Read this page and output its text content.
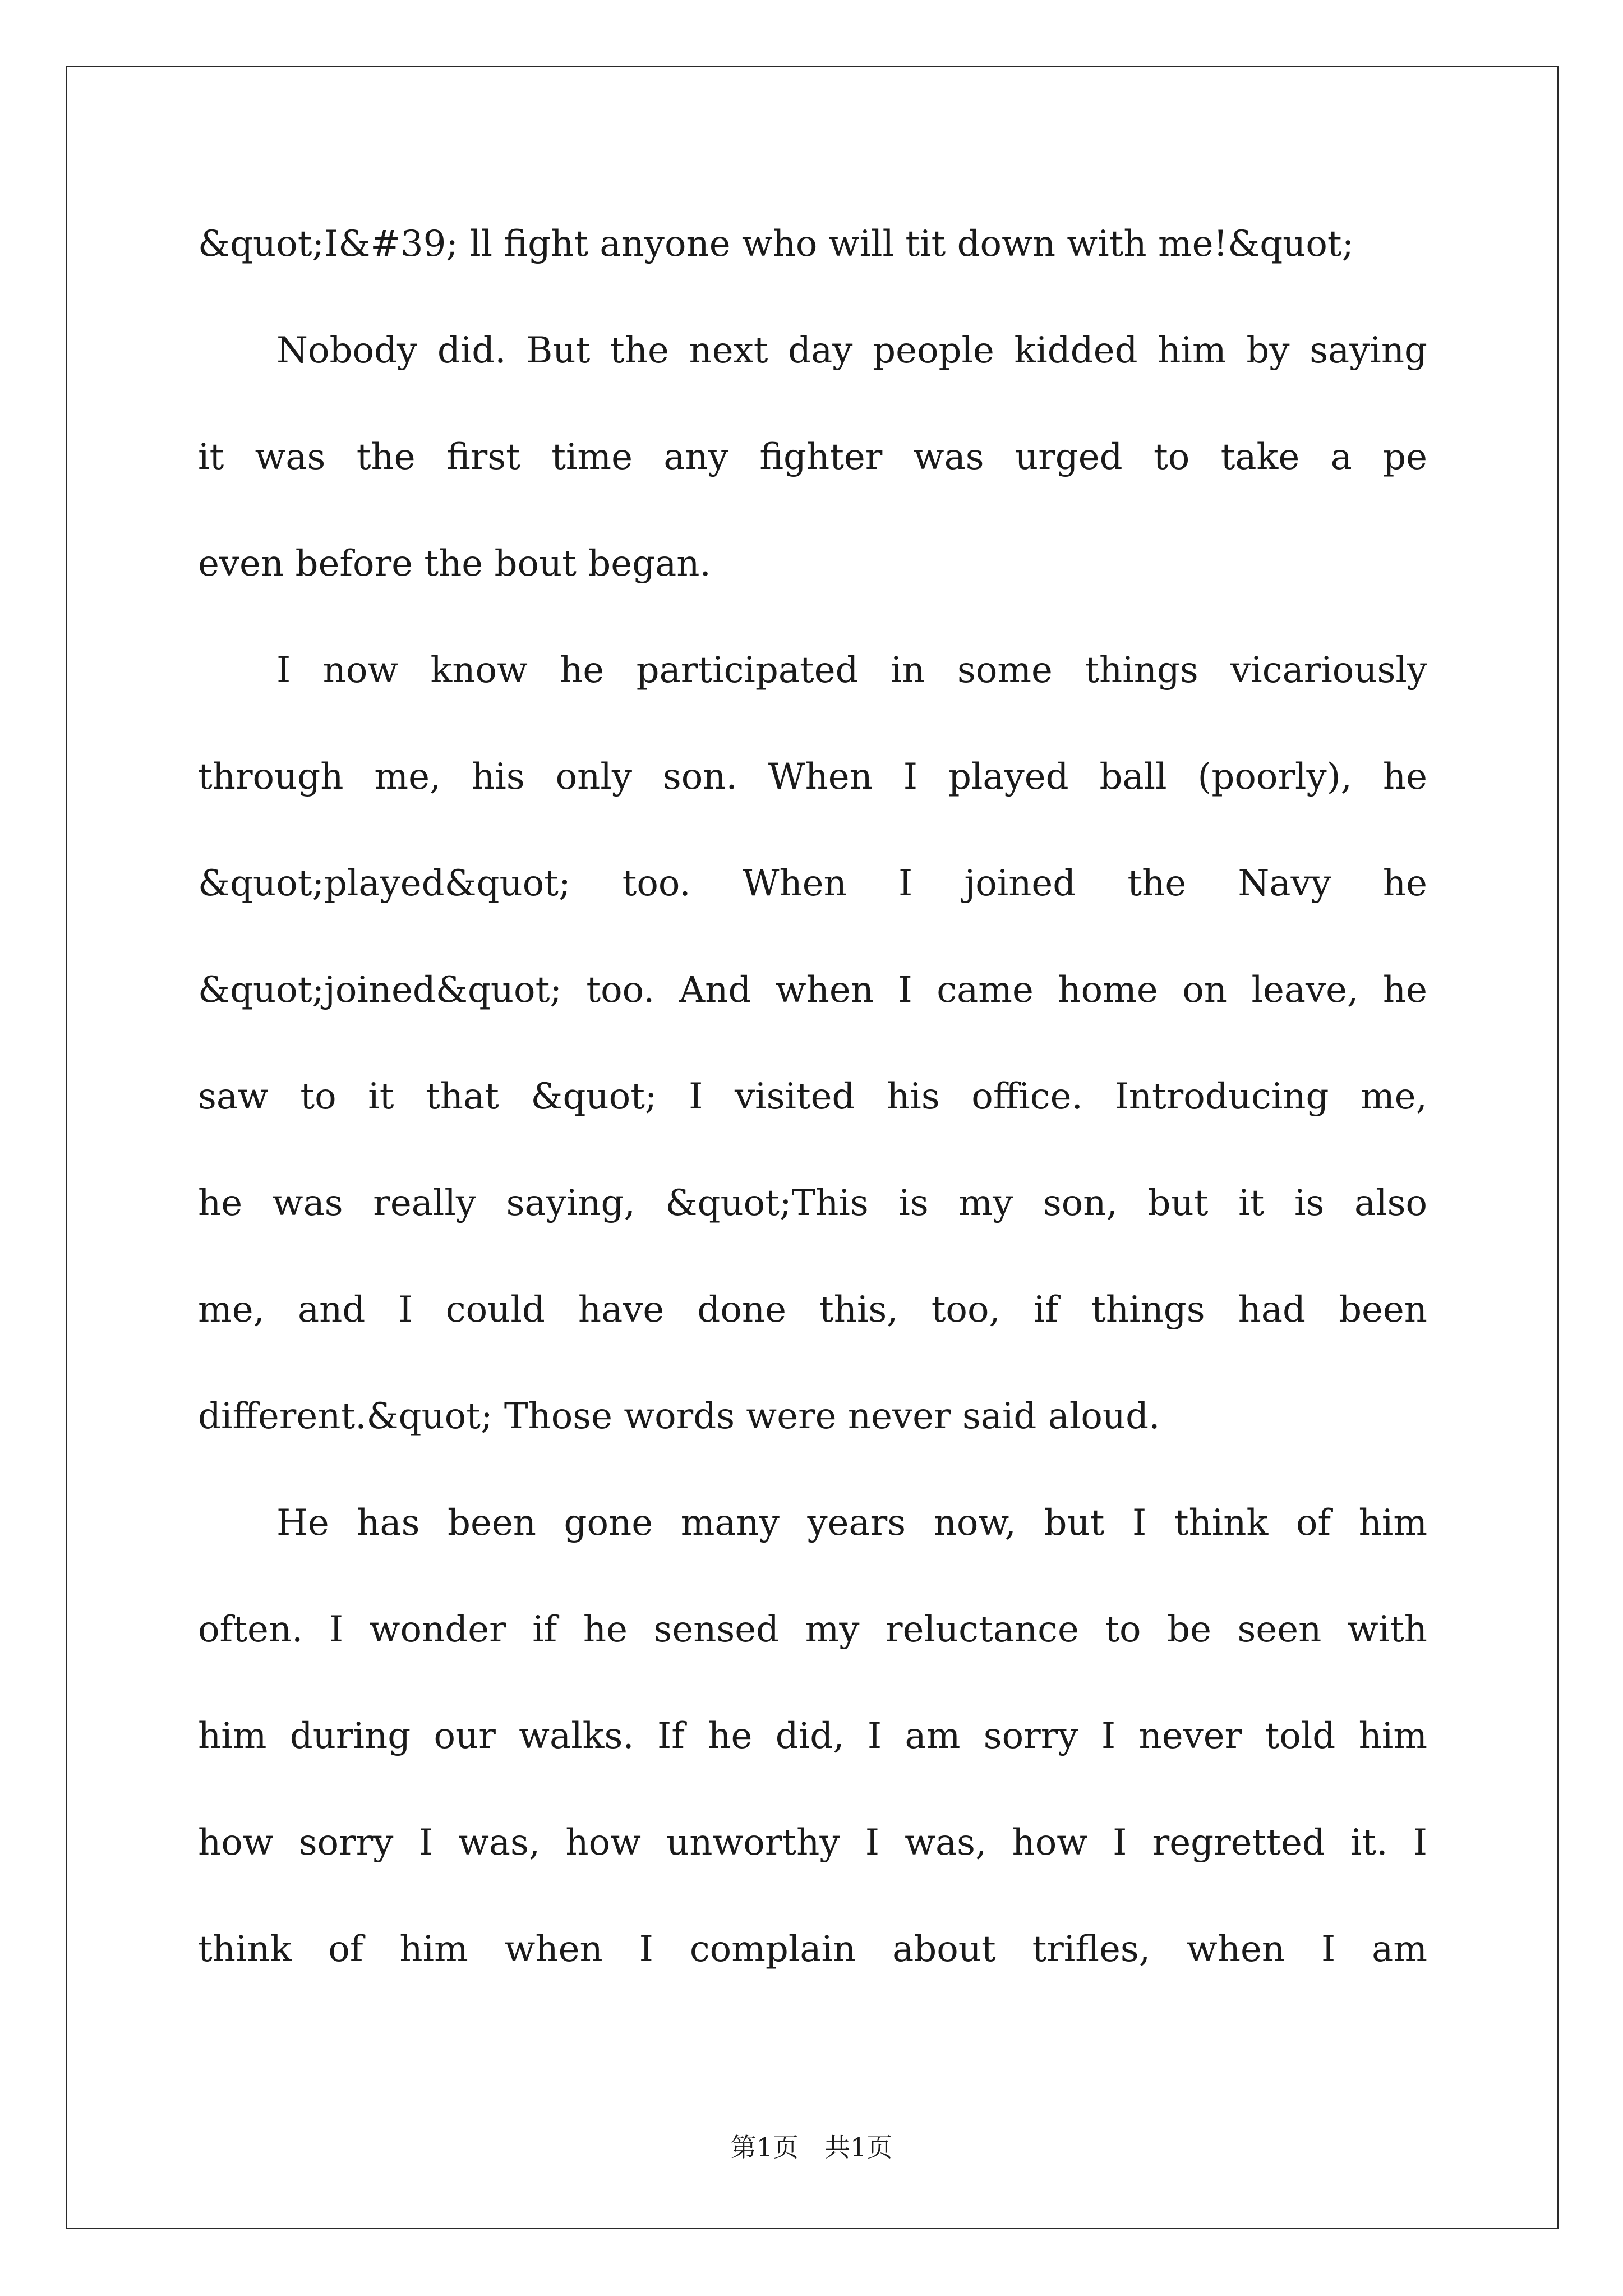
&quot;I&#39; ll fight anyone who will tit down with me!&quot;
Nobody did. But the next day people kidded him by saying
it was the first time any fighter was urged to take a pe
even before the bout began.
I now know he participated in some things vicariously
through me, his only son. When I played ball (poorly), he
&quot;played&quot; too. When I joined the Navy he
&quot;joined&quot; too. And when I came home on leave, he
saw to it that &quot; I visited his office. Introducing me,
he was really saying, &quot;This is my son, but it is also
me, and I could have done this, too, if things had been
different.&quot; Those words were never said aloud.
He has been gone many years now, but I think of him
often. I wonder if he sensed my reluctance to be seen with
him during our walks. If he did, I am sorry I never told him
how sorry I was, how unworthy I was, how I regretted it. I
think of him when I complain about trifles, when I am
第1页　共1页
